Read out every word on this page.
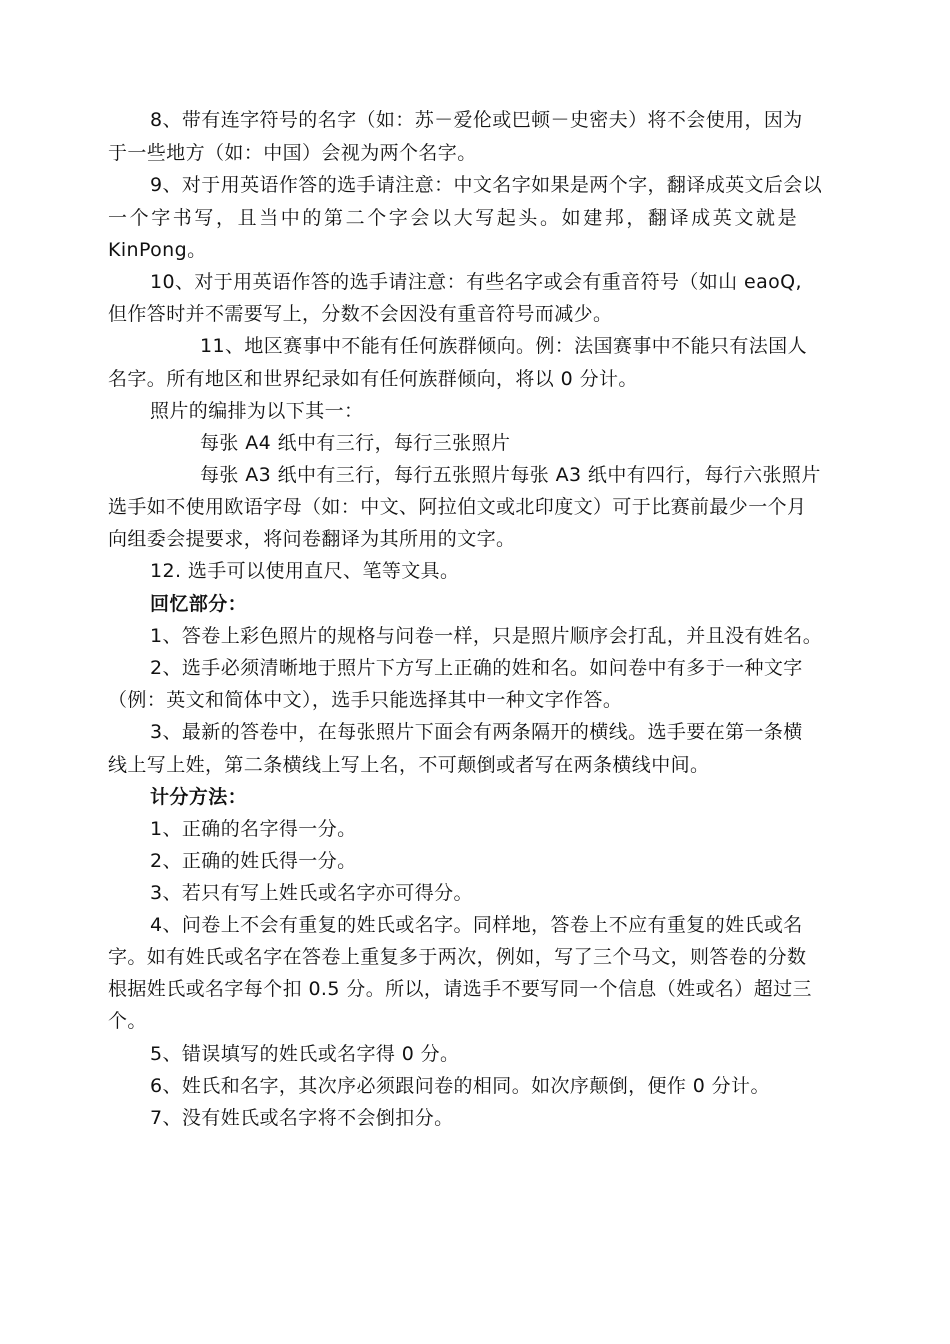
8、带有连字符号的名字（如：苏－爱伦或巴顿－史密夫）将不会使用，因为
于一些地方（如：中国）会视为两个名字。
9、对于用英语作答的选手请注意：中文名字如果是两个字，翻译成英文后会以
一个字书写，且当中的第二个字会以大写起头。如建邦，翻译成英文就是
KinPong。
10、对于用英语作答的选手请注意：有些名字或会有重音符号（如山 eaoQ,
但作答时并不需要写上，分数不会因没有重音符号而减少。
11、地区赛事中不能有任何族群倾向。例：法国赛事中不能只有法国人
名字。所有地区和世界纪录如有任何族群倾向，将以 0 分计。
照片的编排为以下其一：
每张 A4 纸中有三行，每行三张照片
每张 A3 纸中有三行，每行五张照片每张 A3 纸中有四行，每行六张照片
选手如不使用欧语字母（如：中文、阿拉伯文或北印度文）可于比赛前最少一个月
向组委会提要求，将问卷翻译为其所用的文字。
12. 选手可以使用直尺、笔等文具。
回忆部分：
1、答卷上彩色照片的规格与问卷一样，只是照片顺序会打乱，并且没有姓名。
2、选手必须清晰地于照片下方写上正确的姓和名。如问卷中有多于一种文字
（例：英文和简体中文），选手只能选择其中一种文字作答。
3、最新的答卷中，在每张照片下面会有两条隔开的横线。选手要在第一条横
线上写上姓，第二条横线上写上名，不可颠倒或者写在两条横线中间。
计分方法：
1、正确的名字得一分。
2、正确的姓氏得一分。
3、若只有写上姓氏或名字亦可得分。
4、问卷上不会有重复的姓氏或名字。同样地，答卷上不应有重复的姓氏或名
字。如有姓氏或名字在答卷上重复多于两次，例如，写了三个马文，则答卷的分数
根据姓氏或名字每个扣 0.5 分。所以，请选手不要写同一个信息（姓或名）超过三
个。
5、错误填写的姓氏或名字得 0 分。
6、姓氏和名字，其次序必须跟问卷的相同。如次序颠倒，便作 0 分计。
7、没有姓氏或名字将不会倒扣分。
